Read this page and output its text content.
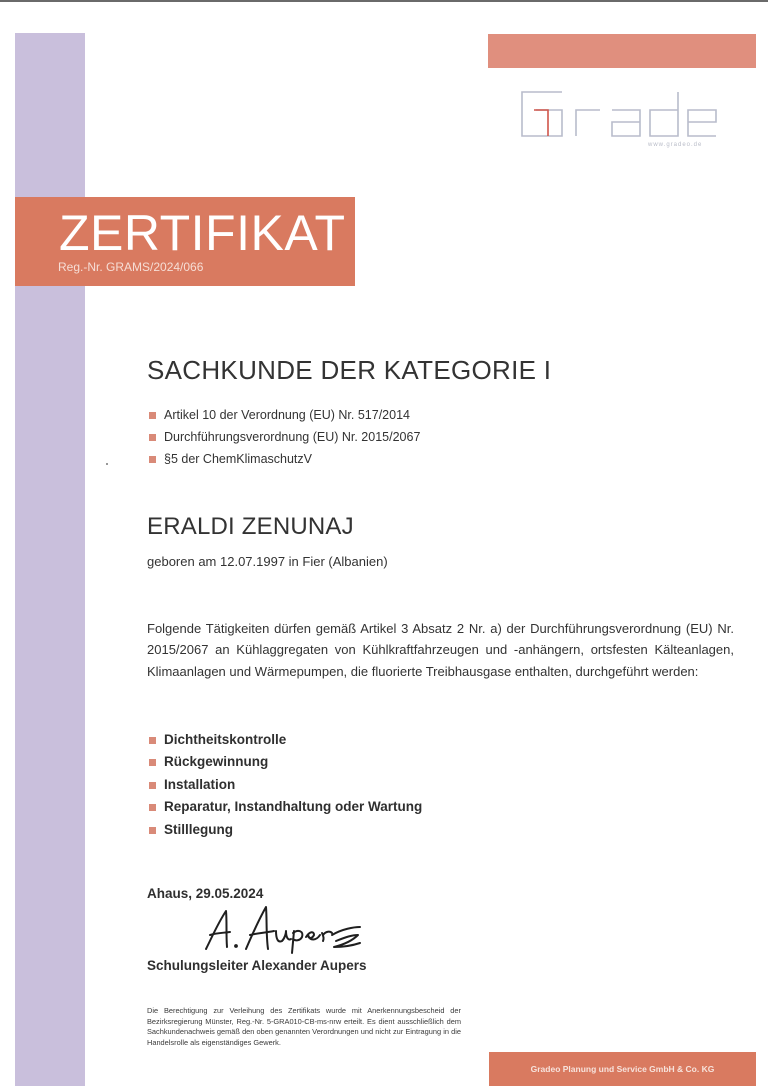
www.gradeo.de
ZERTIFIKAT
Reg.-Nr. GRAMS/2024/066
SACHKUNDE DER KATEGORIE I
Artikel 10 der Verordnung (EU) Nr. 517/2014
Durchführungsverordnung (EU) Nr. 2015/2067
§5 der ChemKlimaschutzV
ERALDI ZENUNAJ
geboren am 12.07.1997 in Fier (Albanien)
Folgende Tätigkeiten dürfen gemäß Artikel 3 Absatz 2 Nr. a) der Durchführungsverordnung (EU) Nr. 2015/2067 an Kühlaggregaten von Kühlkraftfahrzeugen und -anhängern, ortsfesten Kälteanlagen, Klimaanlagen und Wärmepumpen, die fluorierte Treibhausgase enthalten, durchgeführt werden:
Dichtheitskontrolle
Rückgewinnung
Installation
Reparatur, Instandhaltung oder Wartung
Stilllegung
Ahaus, 29.05.2024
Schulungsleiter Alexander Aupers
Die Berechtigung zur Verleihung des Zertifikats wurde mit Anerkennungsbescheid der Bezirksregierung Münster, Reg.-Nr. 5-GRA010-CB-ms-nrw erteilt. Es dient ausschließlich dem Sachkundenachweis gemäß den oben genannten Verordnungen und nicht zur Eintragung in die Handelsrolle als eigenständiges Gewerk.
Gradeo Planung und Service GmbH & Co. KG
